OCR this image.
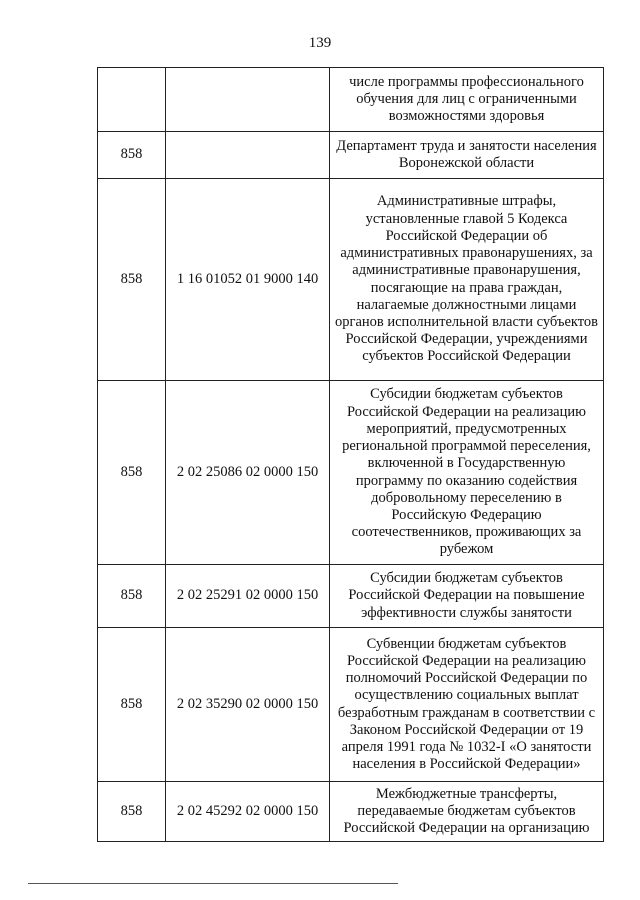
139

		числе программы профессионального обучения для лиц с ограниченными возможностями здоровья

858		Департамент труда и занятости населения Воронежской области

858	1 16 01052 01 9000 140	Административные штрафы, установленные главой 5 Кодекса Российской Федерации об административных правонарушениях, за административные правонарушения, посягающие на права граждан, налагаемые должностными лицами органов исполнительной власти субъектов Российской Федерации, учреждениями субъектов Российской Федерации

858	2 02 25086 02 0000 150	Субсидии бюджетам субъектов Российской Федерации на реализацию мероприятий, предусмотренных региональной программой переселения, включенной в Государственную программу по оказанию содействия добровольному переселению в Российскую Федерацию соотечественников, проживающих за рубежом

858	2 02 25291 02 0000 150	Субсидии бюджетам субъектов Российской Федерации на повышение эффективности службы занятости

858	2 02 35290 02 0000 150	Субвенции бюджетам субъектов Российской Федерации на реализацию полномочий Российской Федерации по осуществлению социальных выплат безработным гражданам в соответствии с Законом Российской Федерации от 19 апреля 1991 года № 1032-I «О занятости населения в Российской Федерации»

858	2 02 45292 02 0000 150	Межбюджетные трансферты, передаваемые бюджетам субъектов Российской Федерации на организацию
